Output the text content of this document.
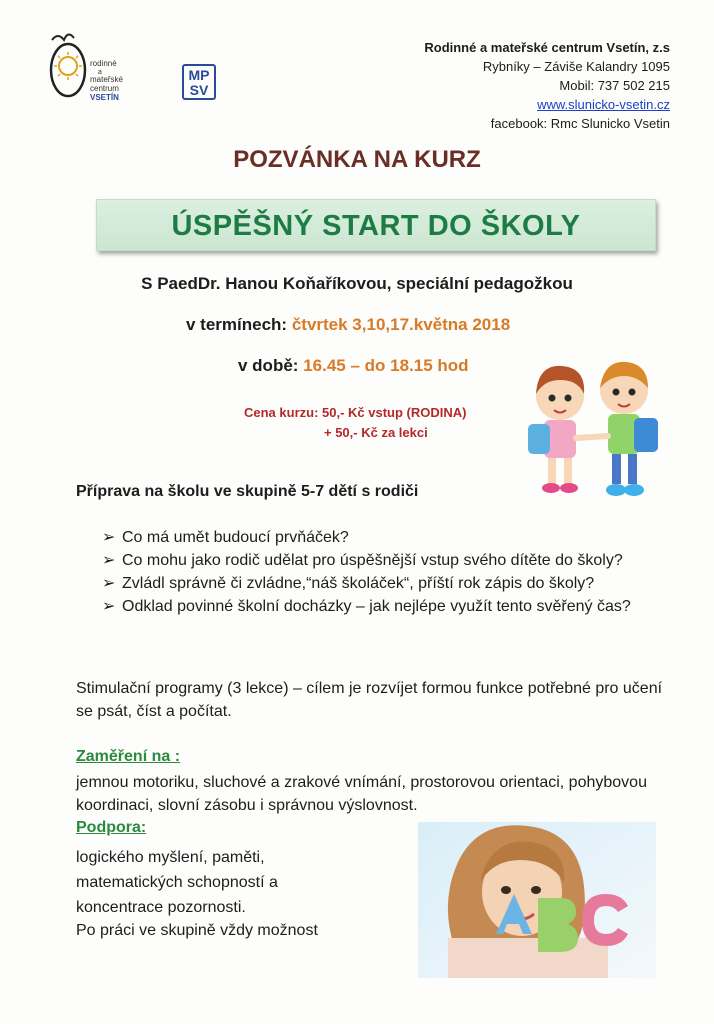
rodinné
a
mateřské
centrum
VSETÍN
MP
SV
Rodinné a mateřské centrum Vsetín, z.s
Rybníky – Záviše Kalandry 1095
Mobil: 737 502 215
www.slunicko-vsetin.cz
facebook: Rmc Slunicko Vsetin
POZVÁNKA NA KURZ
ÚSPĚŠNÝ START DO ŠKOLY
S PaedDr. Hanou Koňaříkovou, speciální pedagožkou
v termínech: čtvrtek 3,10,17.května 2018
v době: 16.45 – do 18.15 hod
Cena kurzu: 50,- Kč vstup (RODINA)
+ 50,- Kč za lekci
Příprava na školu ve skupině 5-7 dětí s rodiči
➢ Co má umět budoucí prvňáček?
➢ Co mohu jako rodič udělat pro úspěšnější vstup svého dítěte do školy?
➢ Zvládl správně či zvládne,“náš školáček“, příští rok zápis do školy?
➢ Odklad povinné školní docházky – jak nejlépe využít tento svěřený čas?
Stimulační programy (3 lekce) – cílem je rozvíjet formou funkce potřebné pro učení se psát, číst a počítat.
Zaměření na :
jemnou motoriku, sluchové a zrakové vnímání, prostorovou orientaci, pohybovou koordinaci, slovní zásobu i správnou výslovnost.
Podpora:
logického myšlení, paměti,
matematických schopností a
koncentrace pozornosti.
Po práci ve skupině vždy možnost
